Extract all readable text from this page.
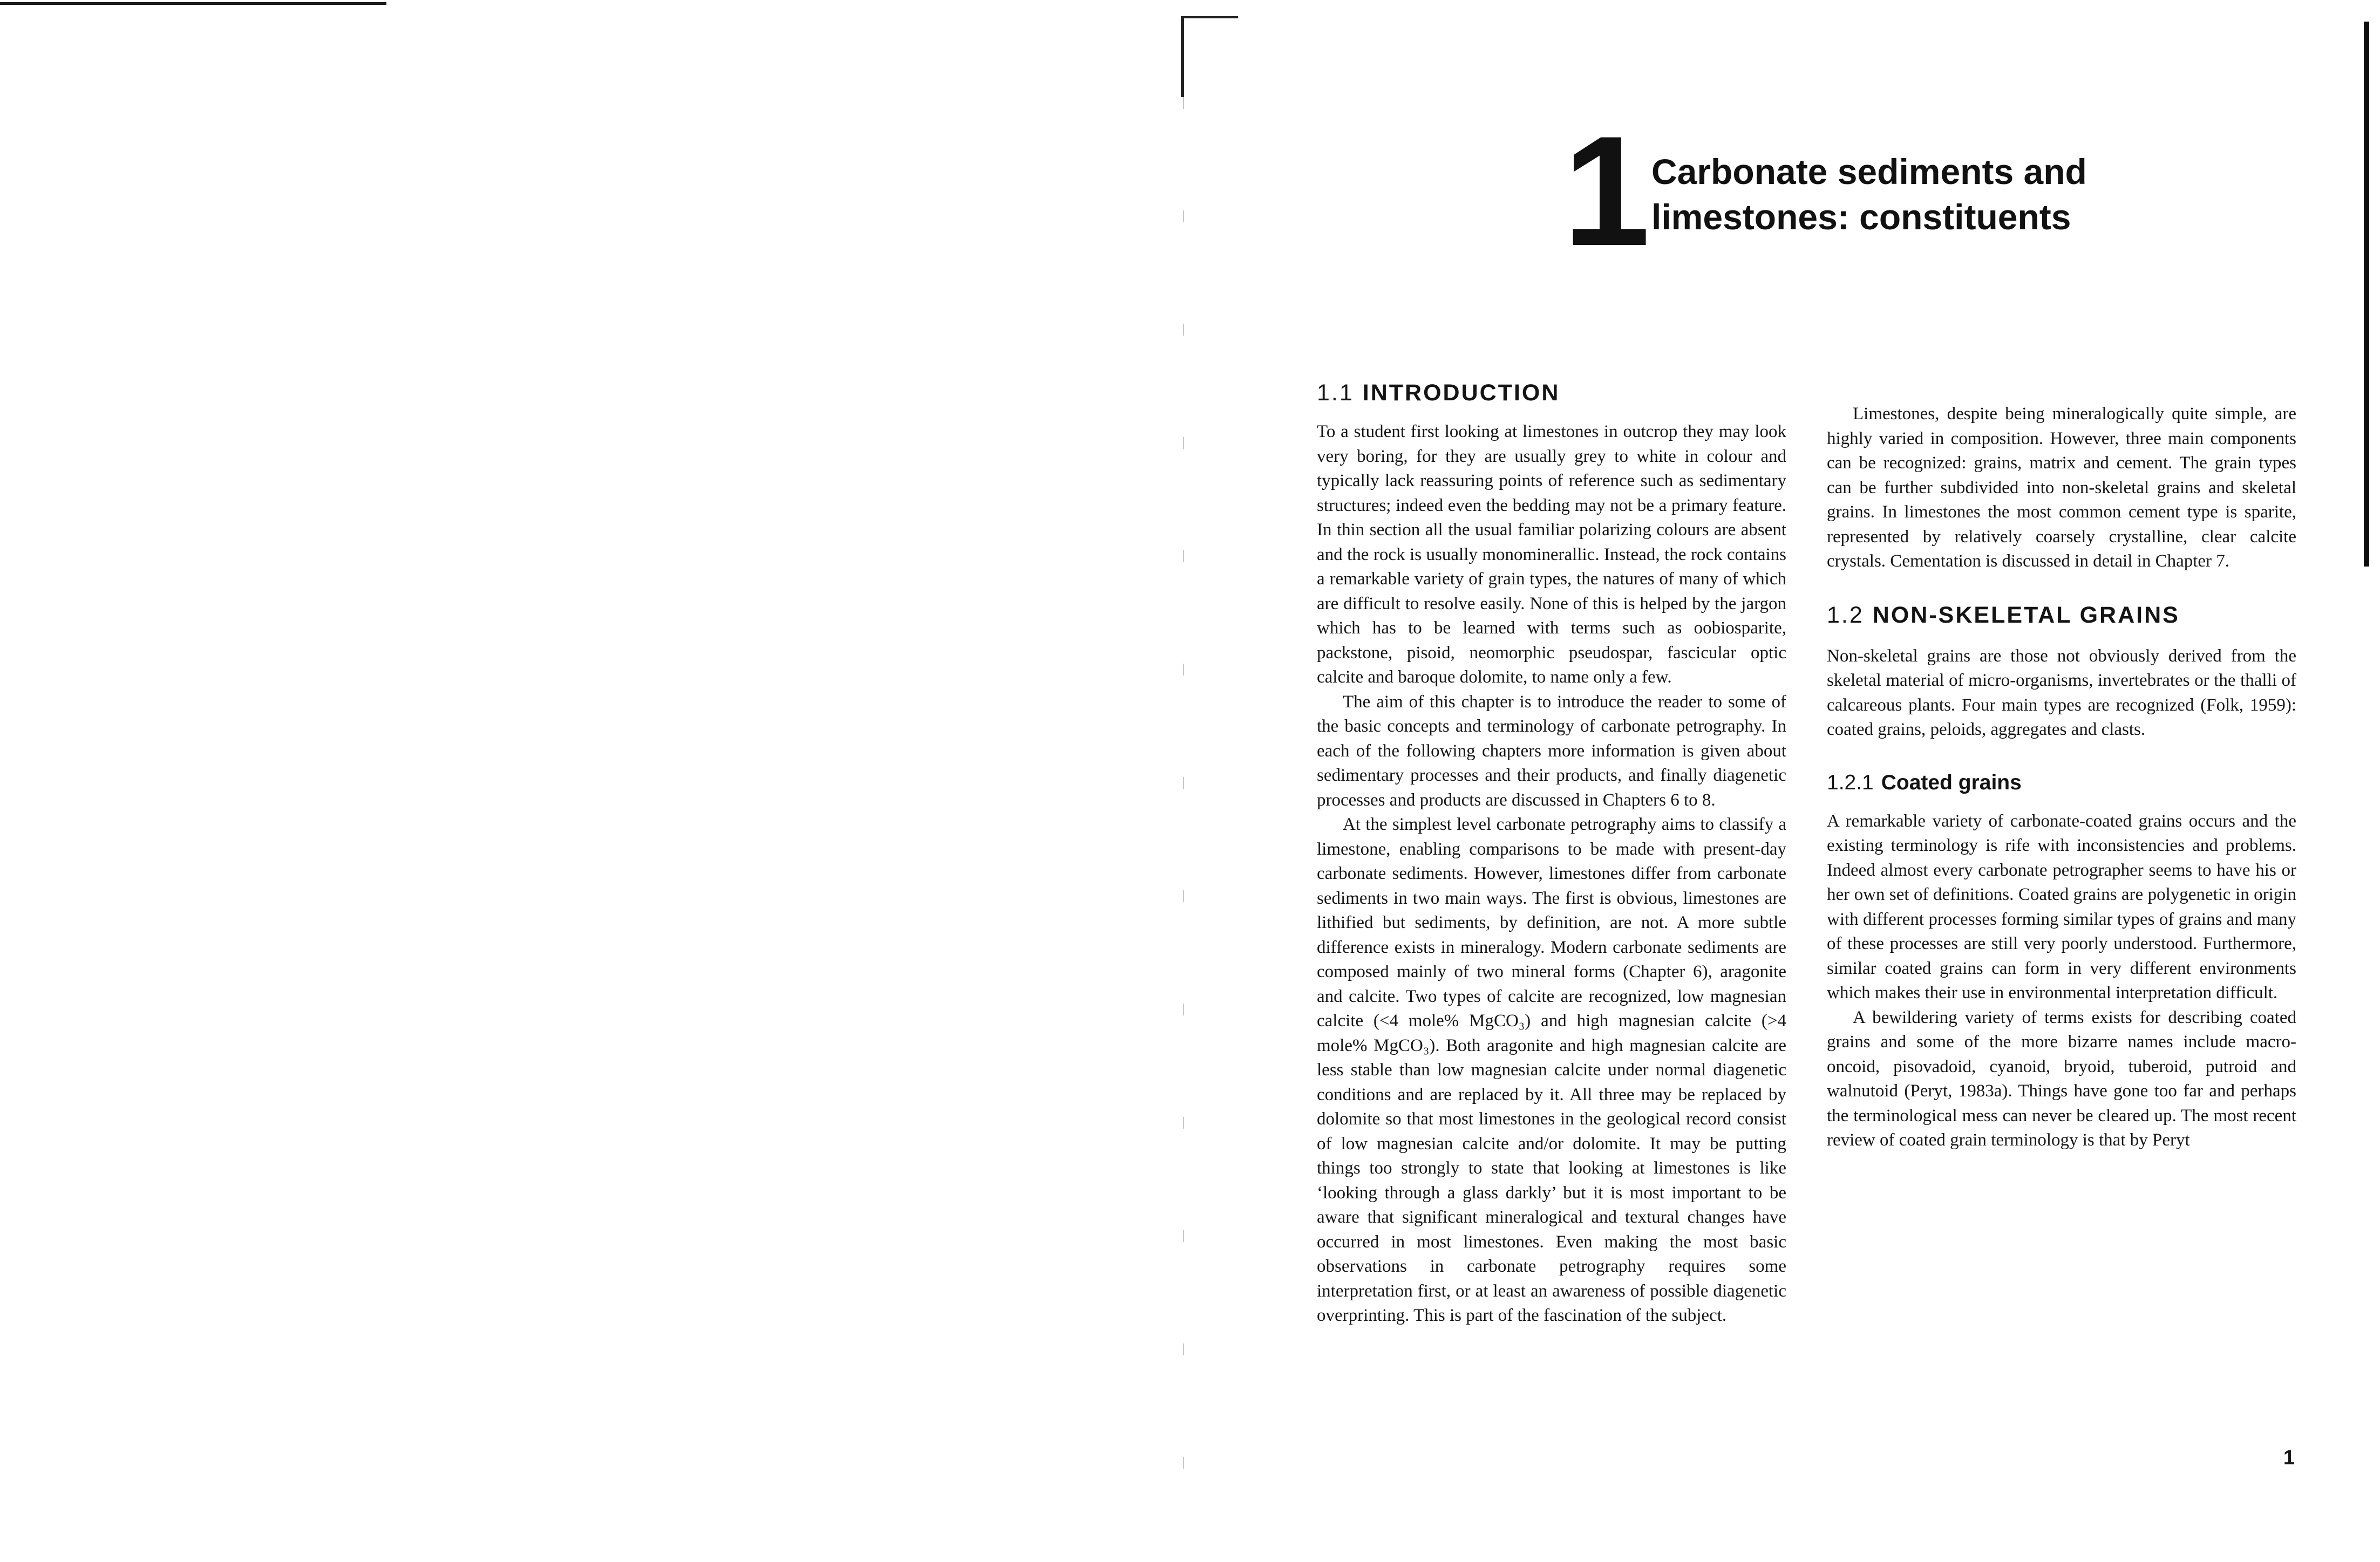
1 Carbonate sediments and
limestones: constituents
1.1 INTRODUCTION

To a student first looking at limestones in outcrop they may look very boring, for they are usually grey to white in colour and typically lack reassuring points of reference such as sedimentary structures; indeed even the bedding may not be a primary feature. In thin section all the usual familiar polarizing colours are absent and the rock is usually monominerallic. Instead, the rock contains a remarkable variety of grain types, the natures of many of which are difficult to resolve easily. None of this is helped by the jargon which has to be learned with terms such as oobiosparite, packstone, pisoid, neomorphic pseudospar, fascicular optic calcite and baroque dolomite, to name only a few.

The aim of this chapter is to introduce the reader to some of the basic concepts and terminology of carbonate petrography. In each of the following chapters more information is given about sedimentary processes and their products, and finally diagenetic processes and products are discussed in Chapters 6 to 8.

At the simplest level carbonate petrography aims to classify a limestone, enabling comparisons to be made with present-day carbonate sediments. However, limestones differ from carbonate sediments in two main ways. The first is obvious, limestones are lithified but sediments, by definition, are not. A more subtle difference exists in mineralogy. Modern carbonate sediments are composed mainly of two mineral forms (Chapter 6), aragonite and calcite. Two types of calcite are recognized, low magnesian calcite (<4 mole% MgCO₃) and high magnesian calcite (>4 mole% MgCO₃). Both aragonite and high magnesian calcite are less stable than low magnesian calcite under normal diagenetic conditions and are replaced by it. All three may be replaced by dolomite so that most limestones in the geological record consist of low magnesian calcite and/or dolomite. It may be putting things too strongly to state that looking at limestones is like ‘looking through a glass darkly’ but it is most important to be aware that significant mineralogical and textural changes have occurred in most limestones. Even making the most basic observations in carbonate petrography requires some interpretation first, or at least an awareness of possible diagenetic overprinting. This is part of the fascination of the subject.

Limestones, despite being mineralogically quite simple, are highly varied in composition. However, three main components can be recognized: grains, matrix and cement. The grain types can be further subdivided into non-skeletal grains and skeletal grains. In limestones the most common cement type is sparite, represented by relatively coarsely crystalline, clear calcite crystals. Cementation is discussed in detail in Chapter 7.

1.2 NON-SKELETAL GRAINS

Non-skeletal grains are those not obviously derived from the skeletal material of micro-organisms, invertebrates or the thalli of calcareous plants. Four main types are recognized (Folk, 1959): coated grains, peloids, aggregates and clasts.

1.2.1 Coated grains

A remarkable variety of carbonate-coated grains occurs and the existing terminology is rife with inconsistencies and problems. Indeed almost every carbonate petrographer seems to have his or her own set of definitions. Coated grains are polygenetic in origin with different processes forming similar types of grains and many of these processes are still very poorly understood. Furthermore, similar coated grains can form in very different environments which makes their use in environmental interpretation difficult.

A bewildering variety of terms exists for describing coated grains and some of the more bizarre names include macro-oncoid, pisovadoid, cyanoid, bryoid, tuberoid, putroid and walnutoid (Peryt, 1983a). Things have gone too far and perhaps the terminological mess can never be cleared up. The most recent review of coated grain terminology is that by Peryt

1
